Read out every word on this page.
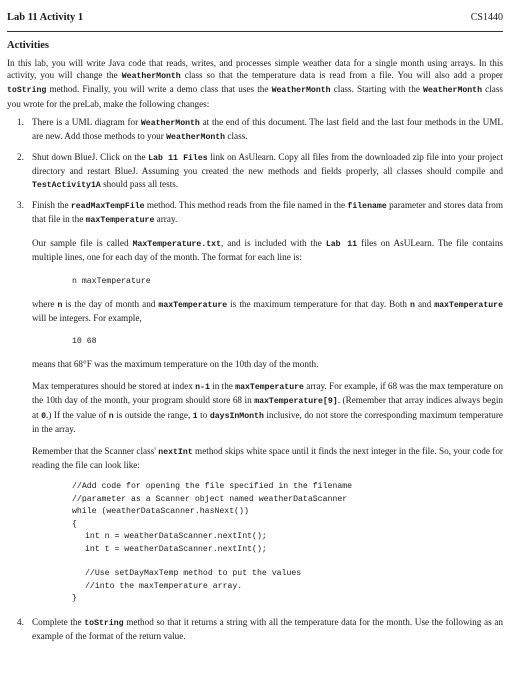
Lab 11 Activity 1	CS1440
Activities

In this lab, you will write Java code that reads, writes, and processes simple weather data for a single month using arrays. In this activity, you will change the WeatherMonth class so that the temperature data is read from a file. You will also add a proper toString method. Finally, you will write a demo class that uses the WeatherMonth class. Starting with the WeatherMonth class you wrote for the preLab, make the following changes:

1. There is a UML diagram for WeatherMonth at the end of this document. The last field and the last four methods in the UML are new. Add those methods to your WeatherMonth class.

2. Shut down BlueJ. Click on the Lab 11 Files link on AsUlearn. Copy all files from the downloaded zip file into your project directory and restart BlueJ. Assuming you created the new methods and fields properly, all classes should compile and TestActivity1A should pass all tests.

3. Finish the readMaxTempFile method. This method reads from the file named in the filename parameter and stores data from that file in the maxTemperature array.

Our sample file is called MaxTemperature.txt, and is included with the Lab 11 files on AsULearn. The file contains multiple lines, one for each day of the month. The format for each line is:

n maxTemperature

where n is the day of month and maxTemperature is the maximum temperature for that day. Both n and maxTemperature will be integers. For example,

10 68

means that 68°F was the maximum temperature on the 10th day of the month.

Max temperatures should be stored at index n-1 in the maxTemperature array. For example, if 68 was the max temperature on the 10th day of the month, your program should store 68 in maxTemperature[9]. (Remember that array indices always begin at 0.) If the value of n is outside the range, 1 to daysInMonth inclusive, do not store the corresponding maximum temperature in the array.

Remember that the Scanner class' nextInt method skips white space until it finds the next integer in the file. So, your code for reading the file can look like:

//Add code for opening the file specified in the filename
//parameter as a Scanner object named weatherDataScanner
while (weatherDataScanner.hasNext())
{
int n = weatherDataScanner.nextInt();
int t = weatherDataScanner.nextInt();
//Use setDayMaxTemp method to put the values
//into the maxTemperature array.
}
4. Complete the toString method so that it returns a string with all the temperature data for the month. Use the following as an example of the format of the return value.
